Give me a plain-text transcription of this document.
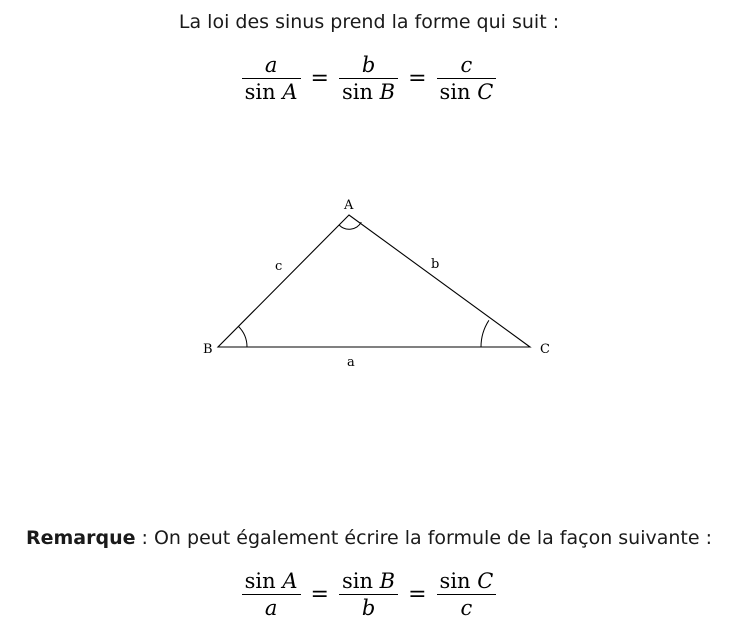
La loi des sinus prend la forme qui suit :
$\frac{a}{\text{sin A}} = \frac{b}{\text{sin B}} = \frac{c}{\text{sin C}}$
A
B	C
a
b
c
Remarque : On peut également écrire la formule de la façon suivante :
$\frac{\text{sin A}}{a} = \frac{\text{sin B}}{b} = \frac{\text{sin C}}{c}$
